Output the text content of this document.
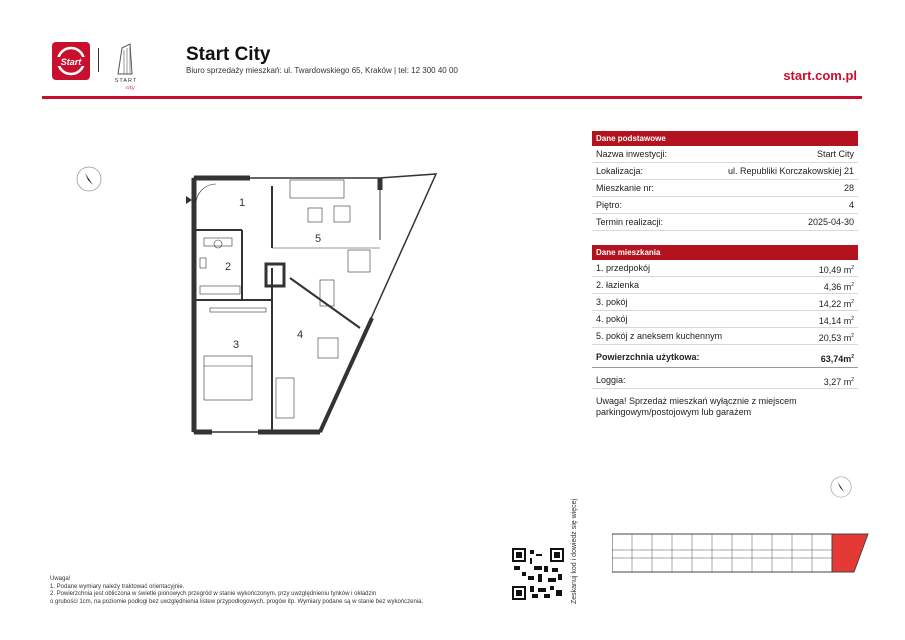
Start
START
city
Start City
Biuro sprzedaży mieszkań: ul. Twardowskiego 65, Kraków | tel: 12 300 40 00	start.com.pl
1
2
3
4
5
Dane podstawowe
Nazwa inwestycji:	Start City
Lokalizacja:	ul. Republiki Korczakowskiej 21
Mieszkanie nr:	28
Piętro:	4
Termin realizacji:	2025-04-30
Dane mieszkania
1. przedpokój	10,49 $m^2$
2. łazienka	4,36 $m^2$
3. pokój	14,22 $m^2$
4. pokój	14,14 $m^2$
5. pokój z aneksem kuchennym	20,53 $m^2$
Powierzchnia użytkowa:	$63,74m^2$
Loggia:	3,27 $m^2$
Uwaga! Sprzedaż mieszkań wyłącznie z miejscem parkingowym/postojowym lub garażem
Zeskanuj kod i dowiedz się więcej
Uwaga!
1. Podane wymiary należy traktować orientacyjnie.
2. Powierzchnia jest obliczona w świetle pionowych przegród w stanie wykończonym, przy uwzględnieniu tynków i okładzin
o grubości 1cm, na poziomie podłogi bez uwzględnienia listew przypodłogowych, progów itp. Wymiary podane są w stanie bez wykończenia.
